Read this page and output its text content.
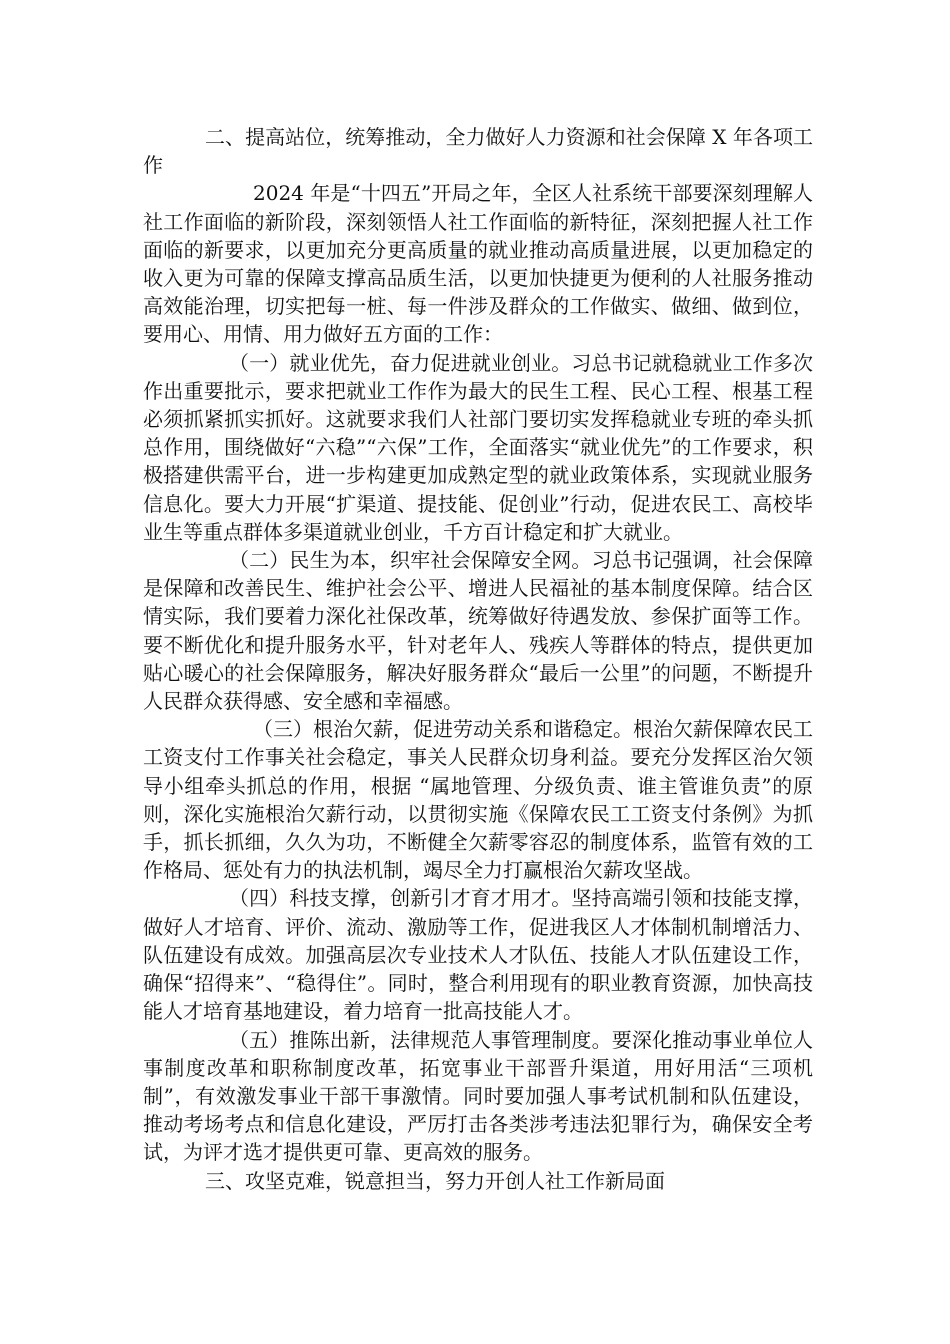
二、提高站位，统筹推动，全力做好人力资源和社会保障 X 年各项工作

2024 年是“十四五”开局之年，全区人社系统干部要深刻理解人社工作面临的新阶段，深刻领悟人社工作面临的新特征，深刻把握人社工作面临的新要求，以更加充分更高质量的就业推动高质量进展，以更加稳定的收入更为可靠的保障支撑高品质生活，以更加快捷更为便利的人社服务推动高效能治理，切实把每一桩、每一件涉及群众的工作做实、做细、做到位，要用心、用情、用力做好五方面的工作：

（一）就业优先，奋力促进就业创业。习总书记就稳就业工作多次作出重要批示，要求把就业工作作为最大的民生工程、民心工程、根基工程必须抓紧抓实抓好。这就要求我们人社部门要切实发挥稳就业专班的牵头抓总作用，围绕做好“六稳”“六保”工作，全面落实“就业优先”的工作要求，积极搭建供需平台，进一步构建更加成熟定型的就业政策体系，实现就业服务信息化。要大力开展“扩渠道、提技能、促创业”行动，促进农民工、高校毕业生等重点群体多渠道就业创业，千方百计稳定和扩大就业。

（二）民生为本，织牢社会保障安全网。习总书记强调，社会保障是保障和改善民生、维护社会公平、增进人民福祉的基本制度保障。结合区情实际，我们要着力深化社保改革，统筹做好待遇发放、参保扩面等工作。要不断优化和提升服务水平，针对老年人、残疾人等群体的特点，提供更加贴心暖心的社会保障服务，解决好服务群众“最后一公里”的问题，不断提升人民群众获得感、安全感和幸福感。

（三）根治欠薪，促进劳动关系和谐稳定。根治欠薪保障农民工工资支付工作事关社会稳定，事关人民群众切身利益。要充分发挥区治欠领导小组牵头抓总的作用，根据 “属地管理、分级负责、谁主管谁负责”的原则，深化实施根治欠薪行动，以贯彻实施《保障农民工工资支付条例》为抓手，抓长抓细，久久为功，不断健全欠薪零容忍的制度体系，监管有效的工作格局、惩处有力的执法机制，竭尽全力打赢根治欠薪攻坚战。

（四）科技支撑，创新引才育才用才。坚持高端引领和技能支撑，做好人才培育、评价、流动、激励等工作，促进我区人才体制机制增活力、队伍建设有成效。加强高层次专业技术人才队伍、技能人才队伍建设工作，确保“招得来”、“稳得住”。同时，整合利用现有的职业教育资源，加快高技能人才培育基地建设，着力培育一批高技能人才。

（五）推陈出新，法律规范人事管理制度。要深化推动事业单位人事制度改革和职称制度改革，拓宽事业干部晋升渠道，用好用活“三项机制”，有效激发事业干部干事激情。同时要加强人事考试机制和队伍建设，推动考场考点和信息化建设，严厉打击各类涉考违法犯罪行为，确保安全考试，为评才选才提供更可靠、更高效的服务。

三、攻坚克难，锐意担当，努力开创人社工作新局面
